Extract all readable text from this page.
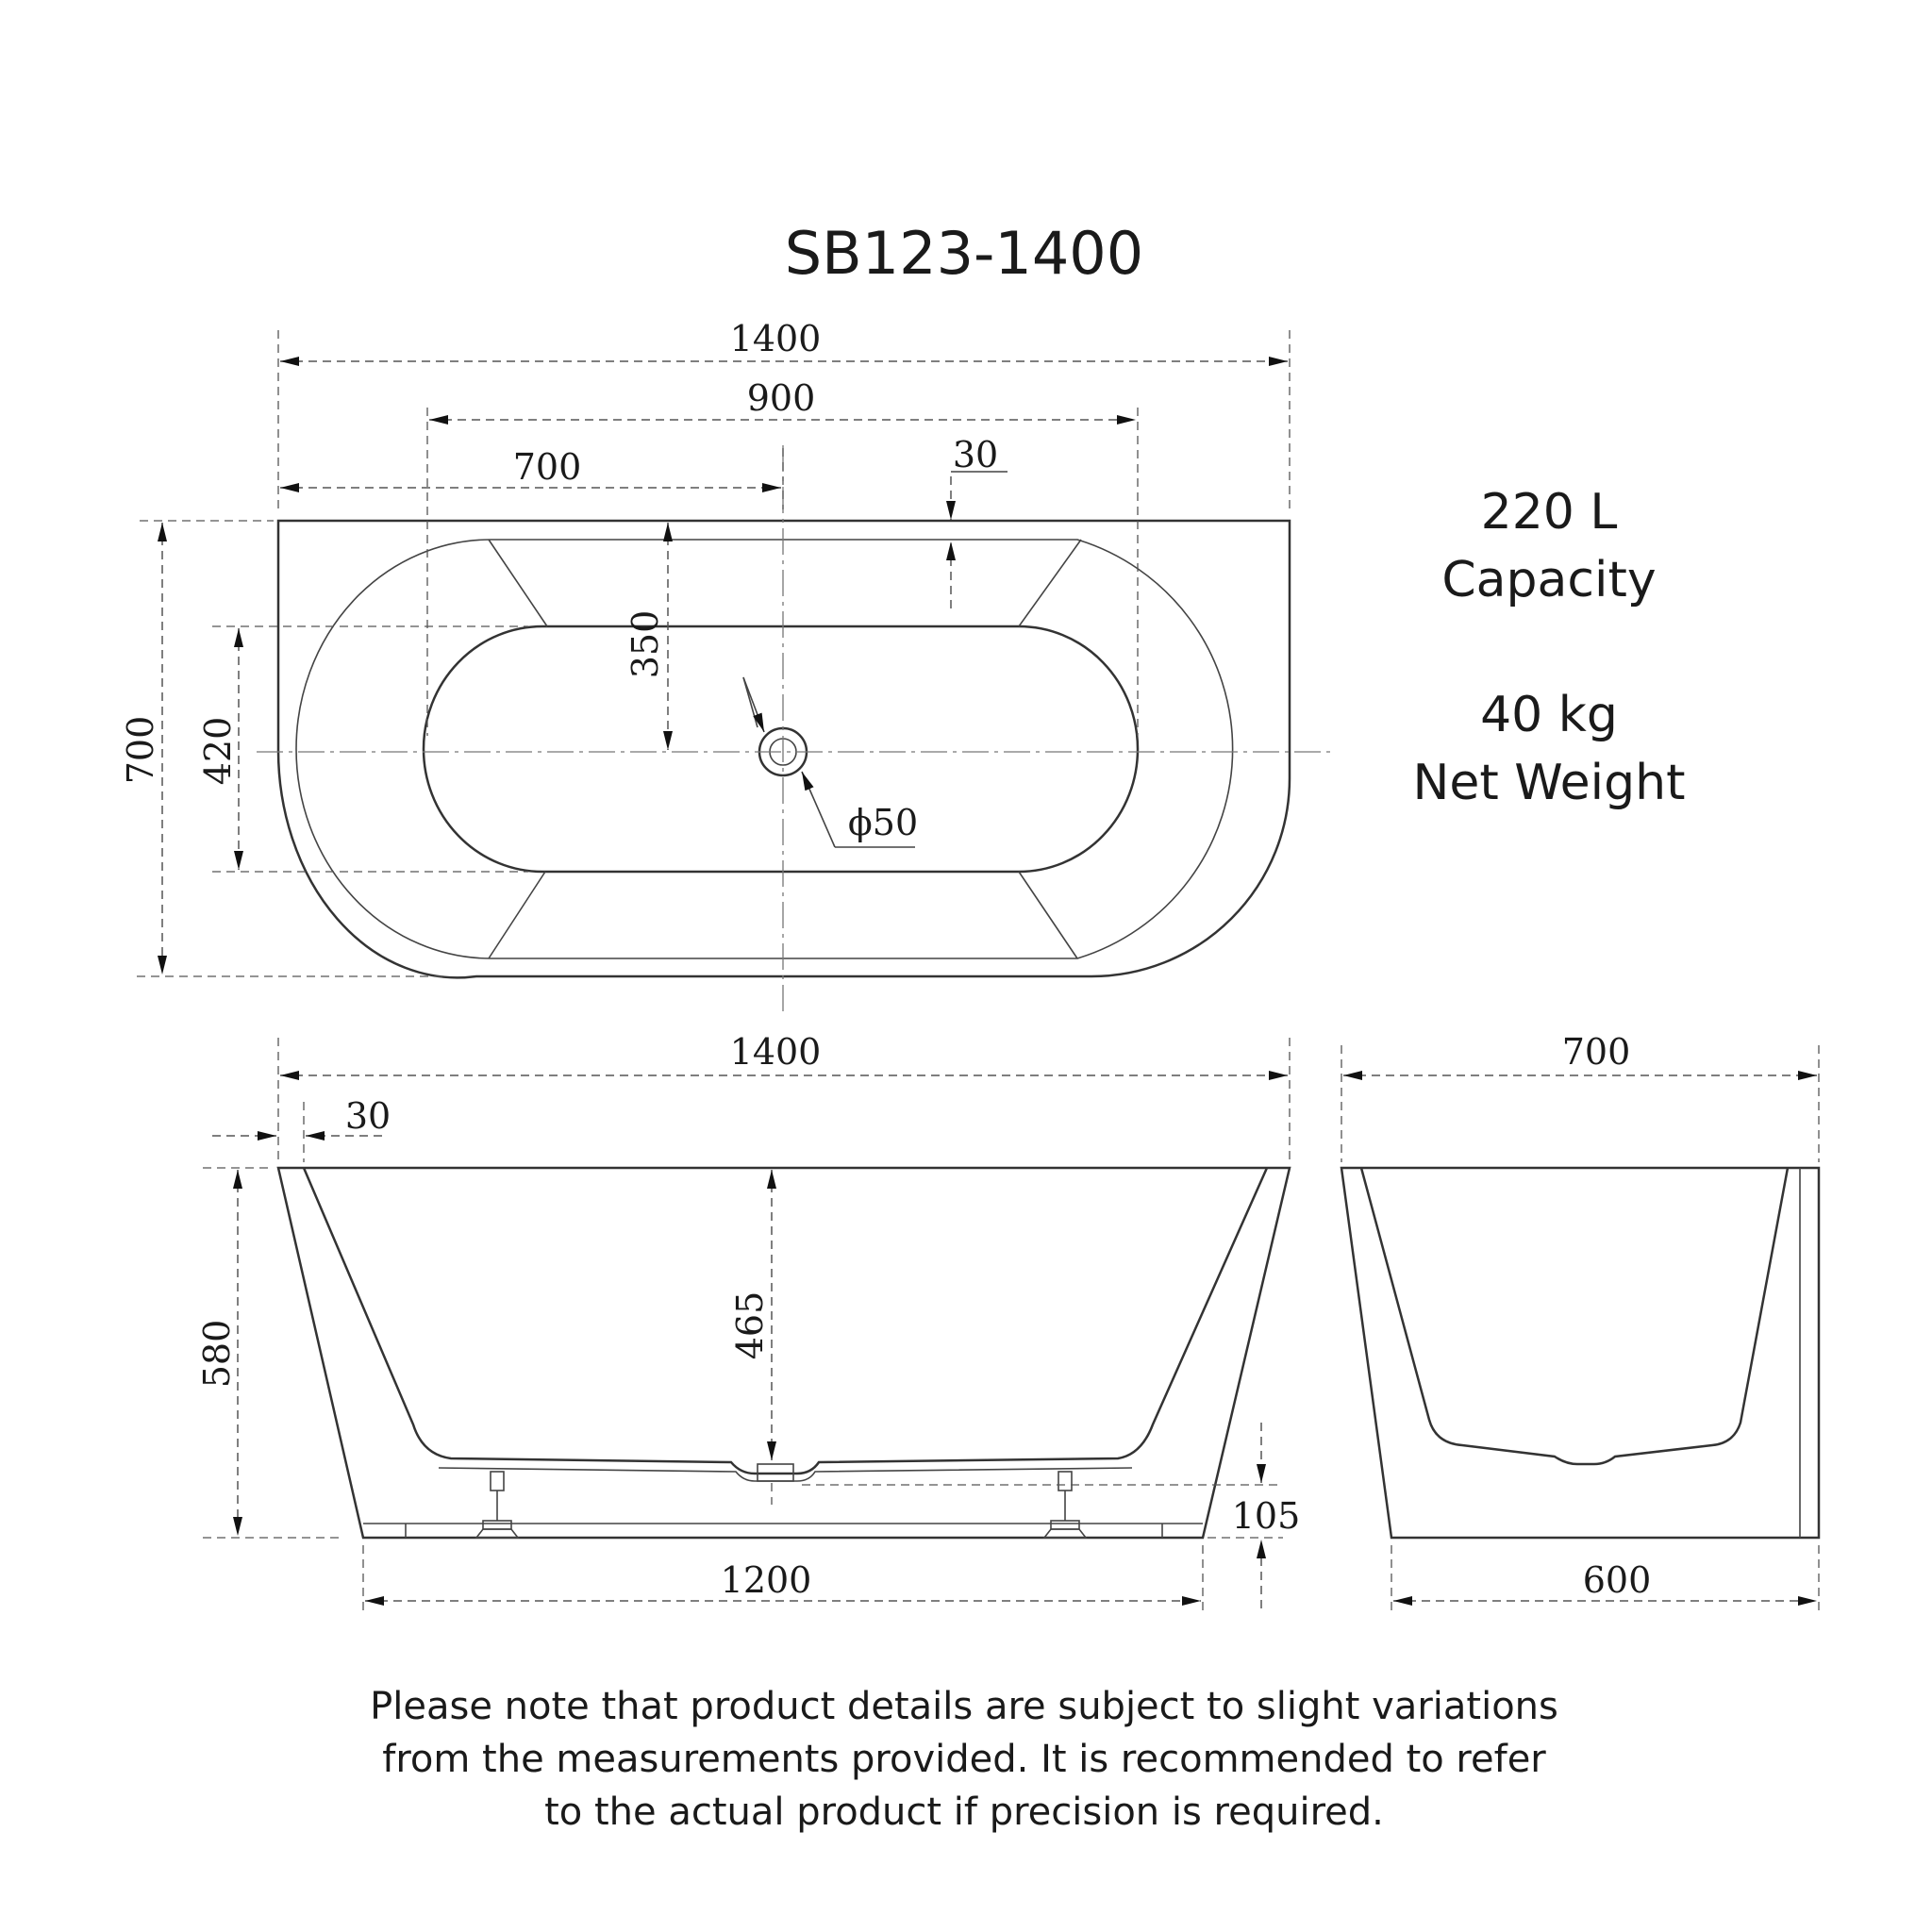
SB123-1400
1400
900
700	30
700 420
350
ϕ50
220 L
Capacity
40 kg
Net Weight
1400
30
580	465
1200
105
700
600
Please note that product details are subject to slight variations
from the measurements provided. It is recommended to refer
to the actual product if precision is required.
